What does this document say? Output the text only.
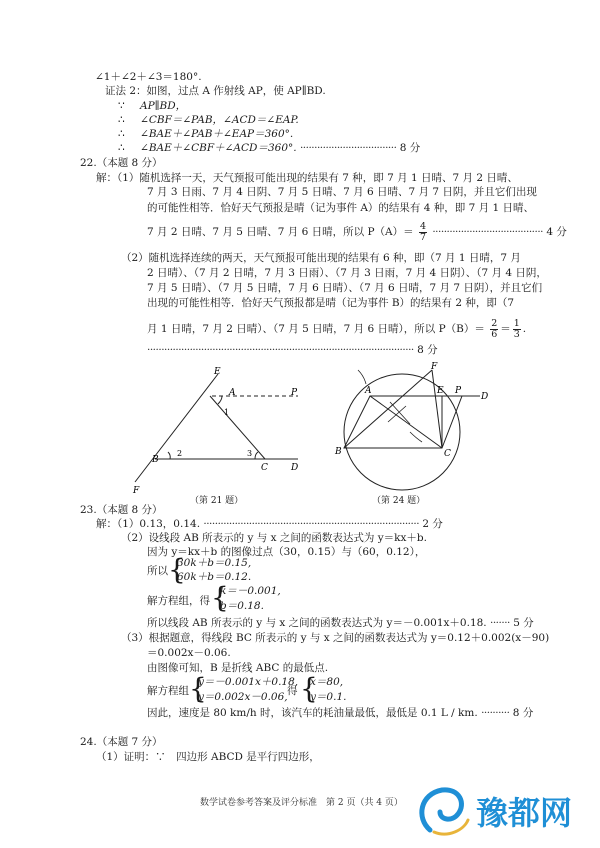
∠1＋∠2＋∠3＝180°.
证法 2：如图，过点 A 作射线 AP，使 AP∥BD.
∵ AP∥BD，
∴ ∠CBF＝∠PAB，∠ACD＝∠EAP.
∴ ∠BAE＋∠PAB＋∠EAP＝360°.
∴ ∠BAE＋∠CBF＋∠ACD＝360°. ·································· 8 分
22.（本题 8 分）
解：（1）随机选择一天，天气预报可能出现的结果有 7 种，即 7 月 1 日晴、7 月 2 日晴、
7 月 3 日雨、7 月 4 日阴、7 月 5 日晴、7 月 6 日晴、7 月 7 日阴，并且它们出现
的可能性相等．恰好天气预报是晴（记为事件 A）的结果有 4 种，即 7 月 1 日晴、
7 月 2 日晴、7 月 5 日晴、7 月 6 日晴，所以 $P(A)= \frac{4}{7}$ ······································· 4 分
（2）随机选择连续的两天，天气预报可能出现的结果有 6 种，即（7 月 1 日晴，7 月
2 日晴）、（7 月 2 日晴，7 月 3 日雨）、（7 月 3 日雨，7 月 4 日阴）、（7 月 4 日阴，
7 月 5 日晴）、（7 月 5 日晴，7 月 6 日晴）、（7 月 6 日晴，7 月 7 日阴），并且它们
出现的可能性相等．恰好天气预报都是晴（记为事件 B）的结果有 2 种，即（7
月 1 日晴，7 月 2 日晴）、（7 月 5 日晴，7 月 6 日晴），所以 $P(B)= \frac{2}{6} = \frac{1}{3}$ .
······························································································ 8 分
E
A	P
1
2	3
B
C	D
F
（第 21 题）
F
A	E P
D
B	C
（第 24 题）
23.（本题 8 分）
解：（1）0.13，0.14. ············································································ 2 分
（2）设线段 AB 所表示的 y 与 x 之间的函数表达式为 y＝kx＋b.
因为 y＝kx＋b 的图像过点（30，0.15）与（60，0.12），
所以 {
30k＋b＝0.15,
60k＋b＝0.12.
解方程组，得 {
k＝－0.001,
b＝0.18.
所以线段 AB 所表示的 y 与 x 之间的函数表达式为 y＝－0.001x＋0.18. ······· 5 分
（3）根据题意，得线段 BC 所表示的 y 与 x 之间的函数表达式为 y＝0.12＋0.002(x－90)
＝0.002x－0.06.
由图像可知，B 是折线 ABC 的最低点.
解方程组 {
y＝－0.001x＋0.18,
y＝0.002x－0.06, 得 {
x＝80,
y＝0.1.
因此，速度是 80 km/h 时，该汽车的耗油量最低，最低是 0.1 L / km. ·········· 8 分
24.（本题 7 分）
（1）证明：∵　四边形 ABCD 是平行四边形，
数学试卷参考答案及评分标准　第 2 页（共 4 页） 豫都网
